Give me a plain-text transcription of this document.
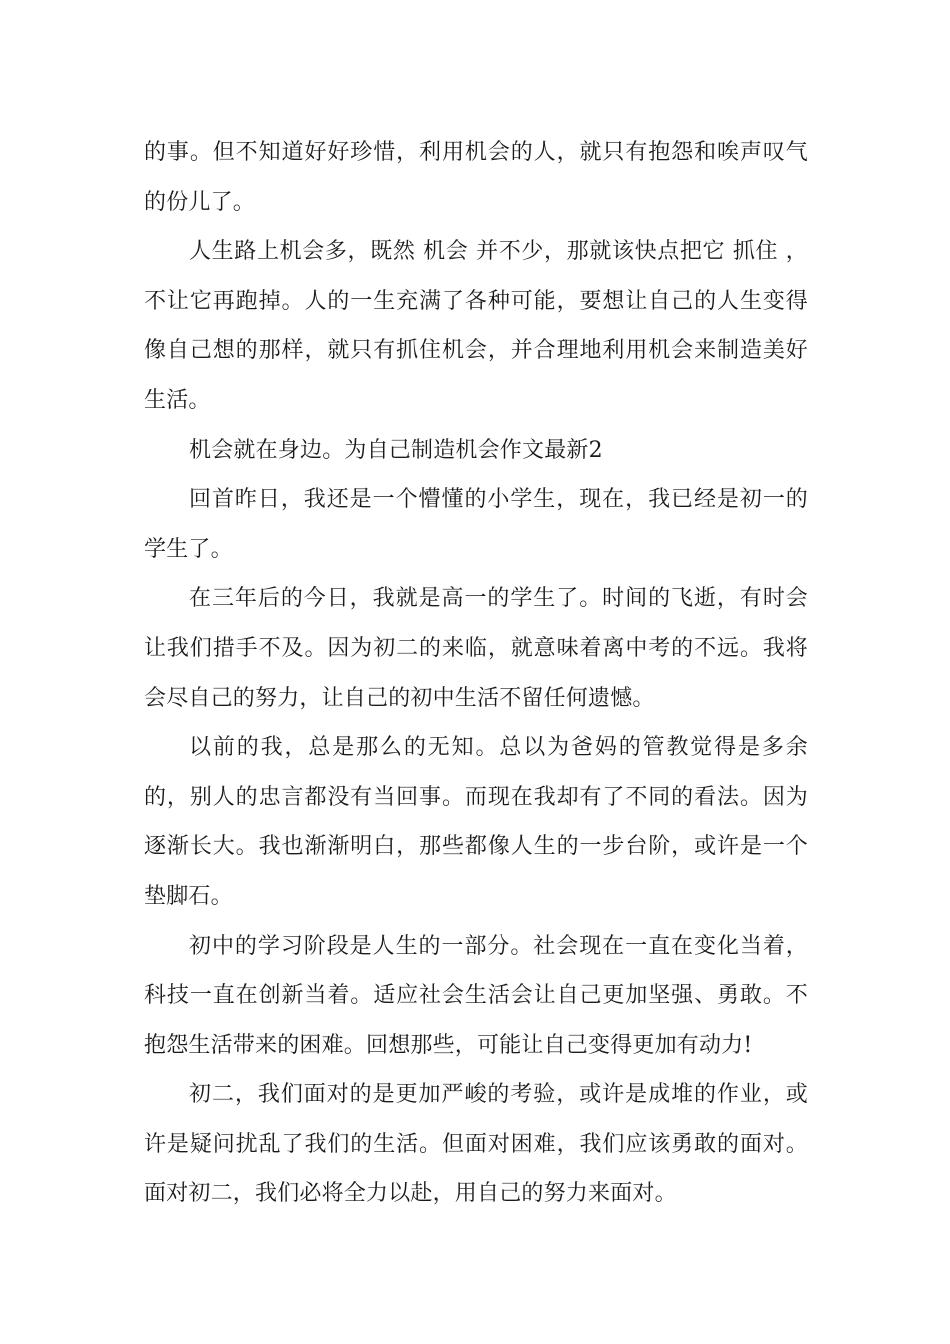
的事。但不知道好好珍惜，利用机会的人，就只有抱怨和唉声叹气的份儿了。

人生路上机会多，既然 机会 并不少，那就该快点把它 抓住 ，不让它再跑掉。人的一生充满了各种可能，要想让自己的人生变得像自己想的那样，就只有抓住机会，并合理地利用机会来制造美好生活。

机会就在身边。为自己制造机会作文最新2

回首昨日，我还是一个懵懂的小学生，现在，我已经是初一的学生了。

在三年后的今日，我就是高一的学生了。时间的飞逝，有时会让我们措手不及。因为初二的来临，就意味着离中考的不远。我将会尽自己的努力，让自己的初中生活不留任何遗憾。

以前的我，总是那么的无知。总以为爸妈的管教觉得是多余的，别人的忠言都没有当回事。而现在我却有了不同的看法。因为逐渐长大。我也渐渐明白，那些都像人生的一步台阶，或许是一个垫脚石。

初中的学习阶段是人生的一部分。社会现在一直在变化当着，科技一直在创新当着。适应社会生活会让自己更加坚强、勇敢。不抱怨生活带来的困难。回想那些，可能让自己变得更加有动力!

初二，我们面对的是更加严峻的考验，或许是成堆的作业，或许是疑问扰乱了我们的生活。但面对困难，我们应该勇敢的面对。面对初二，我们必将全力以赴，用自己的努力来面对。
